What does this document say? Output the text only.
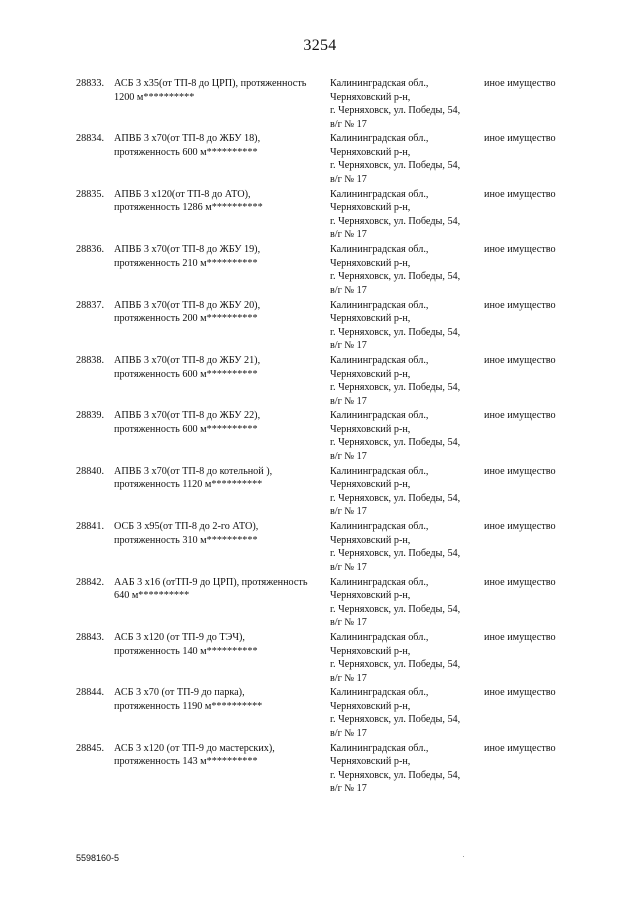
3254
28833. АСБ 3 х35(от ТП-8 до ЦРП), протяженность
1200 м**********
Калининградская обл.,
Черняховский р-н,
г. Черняховск, ул. Победы, 54,
в/г № 17
иное имущество
28834. АПВБ 3 х70(от ТП-8 до ЖБУ 18),
протяженность 600 м**********
Калининградская обл.,
Черняховский р-н,
г. Черняховск, ул. Победы, 54,
в/г № 17
иное имущество
28835. АПВБ 3 х120(от ТП-8 до АТО),
протяженность 1286 м**********
Калининградская обл.,
Черняховский р-н,
г. Черняховск, ул. Победы, 54,
в/г № 17
иное имущество
28836. АПВБ 3 х70(от ТП-8 до ЖБУ 19),
протяженность 210 м**********
Калининградская обл.,
Черняховский р-н,
г. Черняховск, ул. Победы, 54,
в/г № 17
иное имущество
28837. АПВБ 3 х70(от ТП-8 до ЖБУ 20),
протяженность 200 м**********
Калининградская обл.,
Черняховский р-н,
г. Черняховск, ул. Победы, 54,
в/г № 17
иное имущество
28838. АПВБ 3 х70(от ТП-8 до ЖБУ 21),
протяженность 600 м**********
Калининградская обл.,
Черняховский р-н,
г. Черняховск, ул. Победы, 54,
в/г № 17
иное имущество
28839. АПВБ 3 х70(от ТП-8 до ЖБУ 22),
протяженность 600 м**********
Калининградская обл.,
Черняховский р-н,
г. Черняховск, ул. Победы, 54,
в/г № 17
иное имущество
28840. АПВБ 3 х70(от ТП-8 до котельной ),
протяженность 1120 м**********
Калининградская обл.,
Черняховский р-н,
г. Черняховск, ул. Победы, 54,
в/г № 17
иное имущество
28841. ОСБ 3 х95(от ТП-8 до 2-го АТО),
протяженность 310 м**********
Калининградская обл.,
Черняховский р-н,
г. Черняховск, ул. Победы, 54,
в/г № 17
иное имущество
28842. ААБ 3 х16 (отТП-9 до ЦРП), протяженность
640 м**********
Калининградская обл.,
Черняховский р-н,
г. Черняховск, ул. Победы, 54,
в/г № 17
иное имущество
28843. АСБ 3 х120 (от ТП-9 до ТЭЧ),
протяженность 140 м**********
Калининградская обл.,
Черняховский р-н,
г. Черняховск, ул. Победы, 54,
в/г № 17
иное имущество
28844. АСБ 3 х70 (от ТП-9 до парка),
протяженность 1190 м**********
Калининградская обл.,
Черняховский р-н,
г. Черняховск, ул. Победы, 54,
в/г № 17
иное имущество
28845. АСБ 3 х120 (от ТП-9 до мастерских),
протяженность 143 м**********
Калининградская обл.,
Черняховский р-н,
г. Черняховск, ул. Победы, 54,
в/г № 17
иное имущество
5598160-5
